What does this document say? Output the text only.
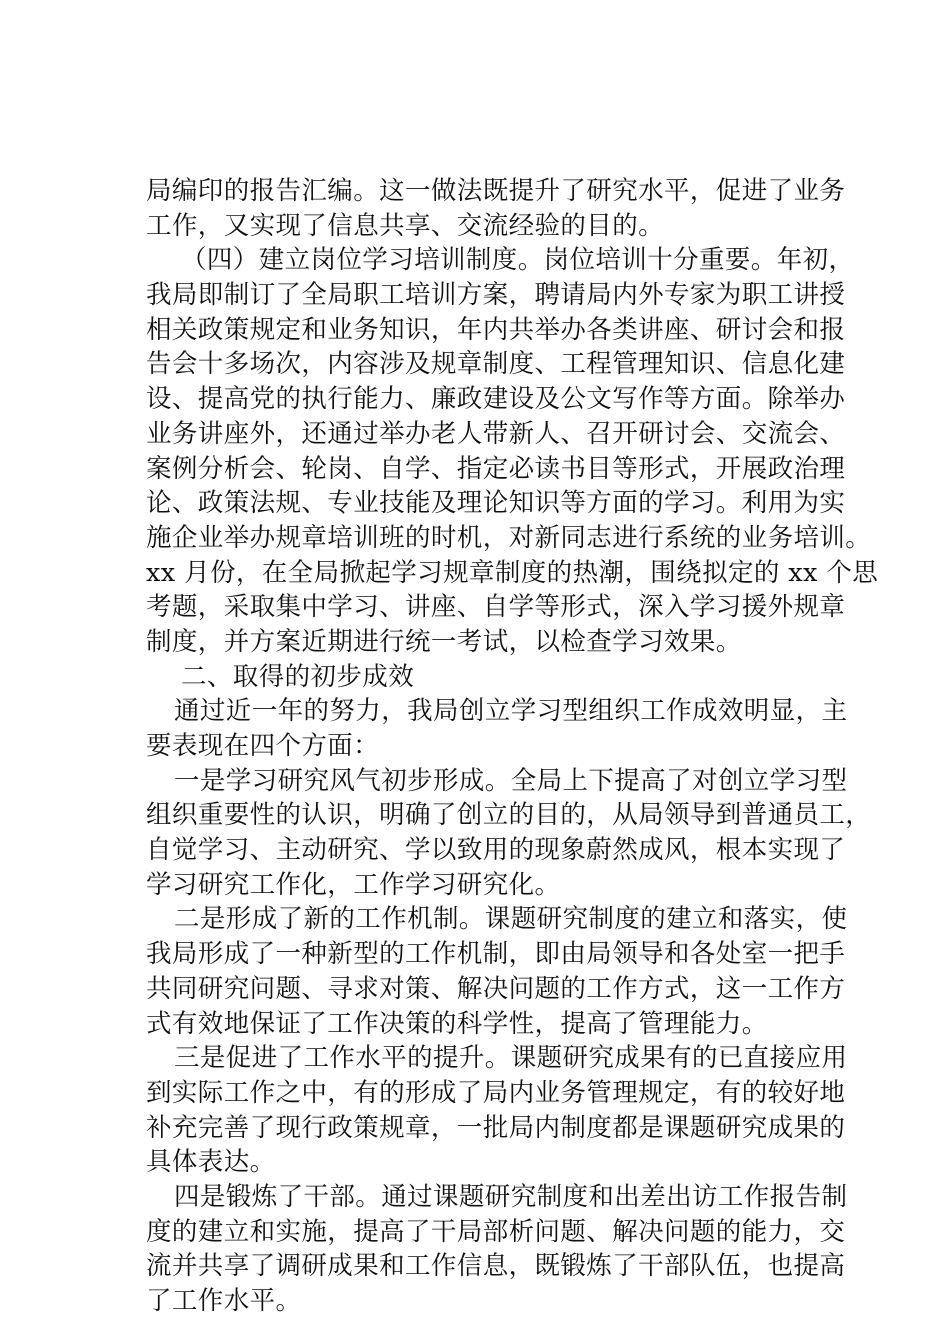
局编印的报告汇编。这一做法既提升了研究水平，促进了业务
工作，又实现了信息共享、交流经验的目的。
（四）建立岗位学习培训制度。岗位培训十分重要。年初，
我局即制订了全局职工培训方案，聘请局内外专家为职工讲授
相关政策规定和业务知识，年内共举办各类讲座、研讨会和报
告会十多场次，内容涉及规章制度、工程管理知识、信息化建
设、提高党的执行能力、廉政建设及公文写作等方面。除举办
业务讲座外，还通过举办老人带新人、召开研讨会、交流会、
案例分析会、轮岗、自学、指定必读书目等形式，开展政治理
论、政策法规、专业技能及理论知识等方面的学习。利用为实
施企业举办规章培训班的时机，对新同志进行系统的业务培训。
xx 月份，在全局掀起学习规章制度的热潮，围绕拟定的 xx 个思
考题，采取集中学习、讲座、自学等形式，深入学习援外规章
制度，并方案近期进行统一考试，以检查学习效果。
二、取得的初步成效
通过近一年的努力，我局创立学习型组织工作成效明显，主
要表现在四个方面：
一是学习研究风气初步形成。全局上下提高了对创立学习型
组织重要性的认识，明确了创立的目的，从局领导到普通员工，
自觉学习、主动研究、学以致用的现象蔚然成风，根本实现了
学习研究工作化，工作学习研究化。
二是形成了新的工作机制。课题研究制度的建立和落实，使
我局形成了一种新型的工作机制，即由局领导和各处室一把手
共同研究问题、寻求对策、解决问题的工作方式，这一工作方
式有效地保证了工作决策的科学性，提高了管理能力。
三是促进了工作水平的提升。课题研究成果有的已直接应用
到实际工作之中，有的形成了局内业务管理规定，有的较好地
补充完善了现行政策规章，一批局内制度都是课题研究成果的
具体表达。
四是锻炼了干部。通过课题研究制度和出差出访工作报告制
度的建立和实施，提高了干局部析问题、解决问题的能力，交
流并共享了调研成果和工作信息，既锻炼了干部队伍，也提高
了工作水平。
